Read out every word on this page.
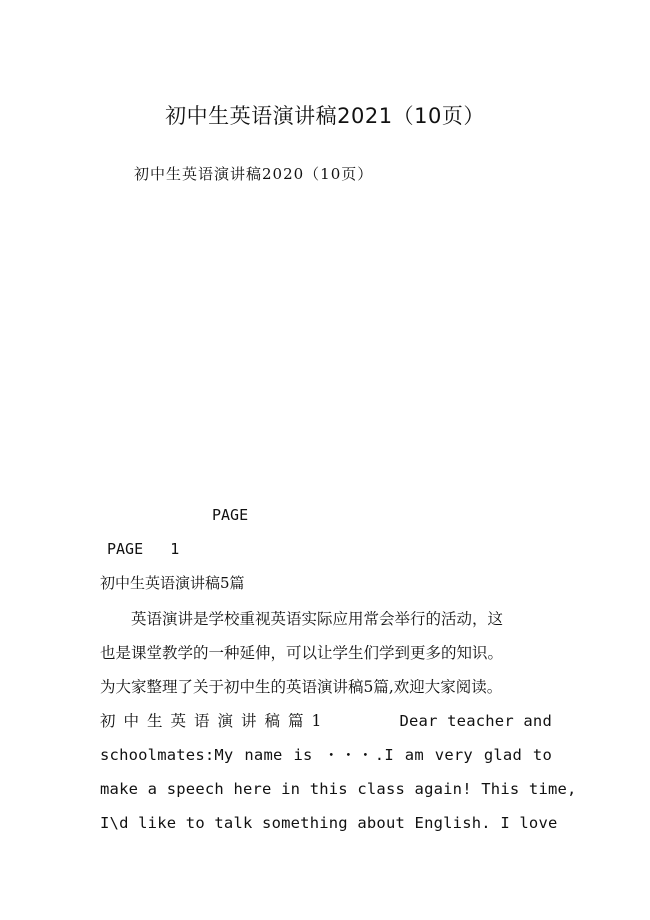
初中生英语演讲稿2021（10页）
初中生英语演讲稿2020（10页）
PAGE
PAGE   1
初中生英语演讲稿5篇

英语演讲是学校重视英语实际应用常会举行的活动，这

也是课堂教学的一种延伸，可以让学生们学到更多的知识。

为大家整理了关于初中生的英语演讲稿5篇,欢迎大家阅读。

初中生英语演讲稿篇1	Dear teacher and
schoolmates:My name is ・・・.I am very glad to
make a speech here in this class again! This time,
I\d like to talk something about English. I love
